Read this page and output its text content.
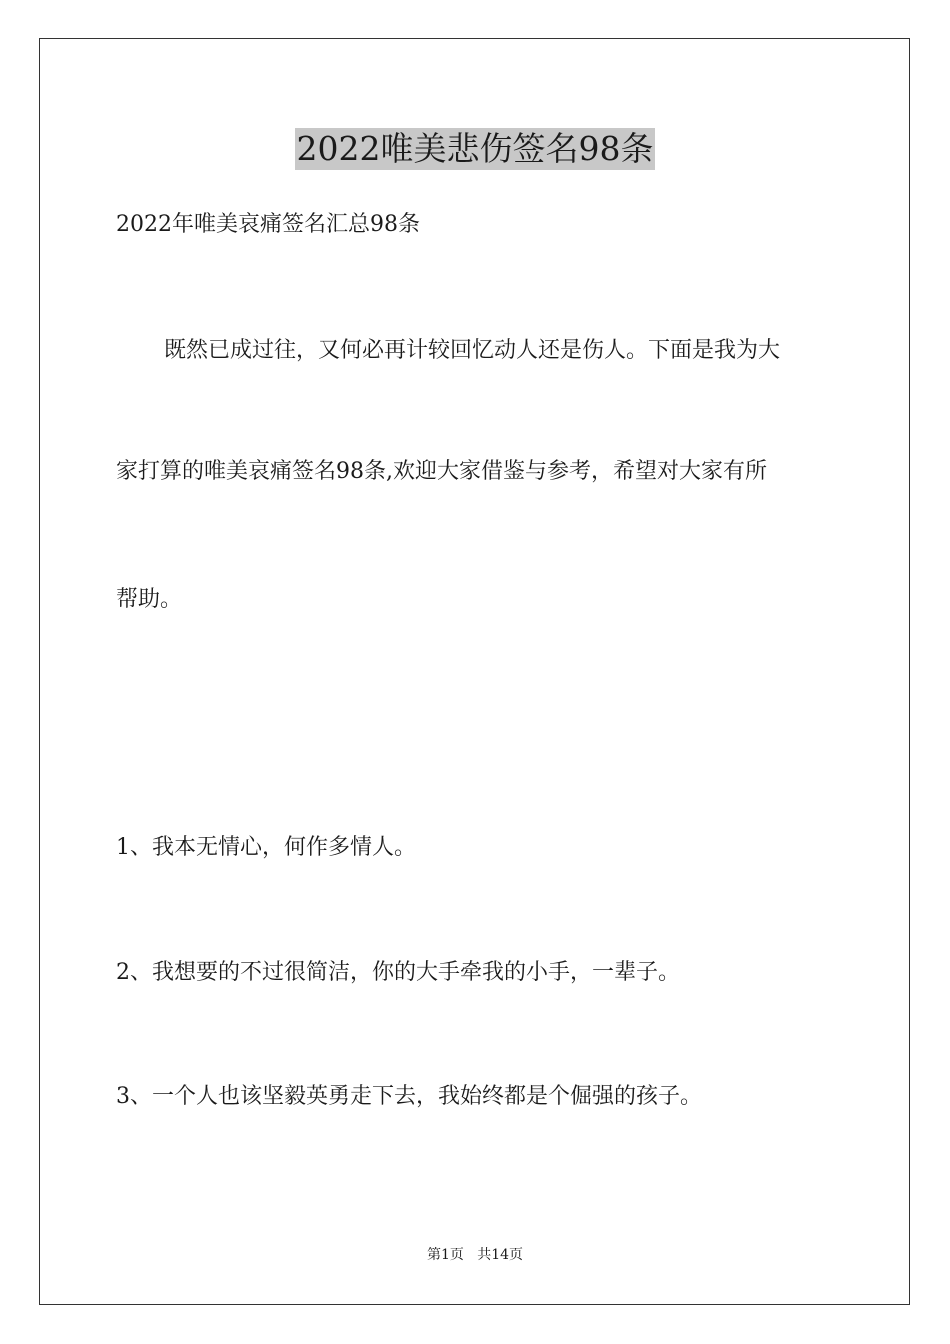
2022唯美悲伤签名98条
2022年唯美哀痛签名汇总98条
既然已成过往，又何必再计较回忆动人还是伤人。下面是我为大
家打算的唯美哀痛签名98条,欢迎大家借鉴与参考，希望对大家有所
帮助。
1、我本无情心，何作多情人。
2、我想要的不过很简洁，你的大手牵我的小手，一辈子。
3、一个人也该坚毅英勇走下去，我始终都是个倔强的孩子。
第1页   共14页
